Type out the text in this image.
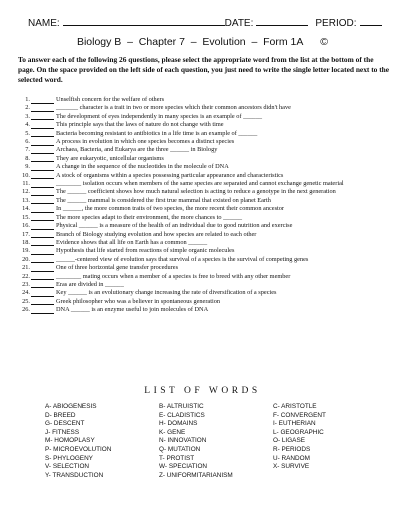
NAME:	DATE:	PERIOD:
Biology B  –  Chapter 7  –  Evolution  –  Form 1A      ©

To answer each of the following 26 questions, please select the appropriate word from the list at the bottom of the page. On the space provided on the left side of each question, you just need to write the single letter located next to the selected word.

1.	Unselfish concern for the welfare of others
2.	_______ character is a trait in two or more species which their common ancestors didn't have
3.	The development of eyes independently in many species is an example of ______
4.	This principle says that the laws of nature do not change with time
5.	Bacteria becoming resistant to antibiotics in a life time is an example of ______
6.	A process in evolution in which one species becomes a distinct species
7.	Archaea, Bacteria, and Eukarya are the three ______ in Biology
8.	They are eukaryotic, unicellular organisms
9.	A change in the sequence of the nucleotides in the molecule of DNA
10.	A stock of organisms within a species possessing particular appearance and characteristics
11.	________ isolation occurs when members of the same species are separated and cannot exchange genetic material
12.	The ______ coefficient shows how much natural selection is acting to reduce a genotype in the next generation
13.	The ______ mammal is considered the first true mammal that existed on planet Earth
14.	In ______, the more common traits of two species, the more recent their common ancestor
15.	The more species adapt to their environment, the more chances to ______
16.	Physical ______ is a measure of the health of an individual due to good nutrition and exercise
17.	Branch of Biology studying evolution and how species are related to each other
18.	Evidence shows that all life on Earth has a common ______
19.	Hypothesis that life started from reactions of simple organic molecules
20.	______-centered view of evolution says that survival of a species is the survival of competing genes
21.	One of three horizontal gene transfer procedures
22.	________ mating occurs when a member of a species is free to breed with any other member
23.	Eras are divided in ______
24.	Key ______ is an evolutionary change increasing the rate of diversification of a species
25.	Greek philosopher who was a believer in spontaneous generation
26.	DNA ______ is an enzyme useful to join molecules of DNA
LIST OF WORDS
A- ABIOGENESIS	B- ALTRUISTIC	C- ARISTOTLE
D- BREED	E- CLADISTICS	F- CONVERGENT
G- DESCENT	H- DOMAINS	I- EUTHERIAN
J- FITNESS	K- GENE	L- GEOGRAPHIC
M- HOMOPLASY	N- INNOVATION	O- LIGASE
P- MICROEVOLUTION	Q- MUTATION	R- PERIODS
S- PHYLOGENY	T- PROTIST	U- RANDOM
V- SELECTION	W- SPECIATION	X- SURVIVE
Y- TRANSDUCTION	Z- UNIFORMITARIANISM
